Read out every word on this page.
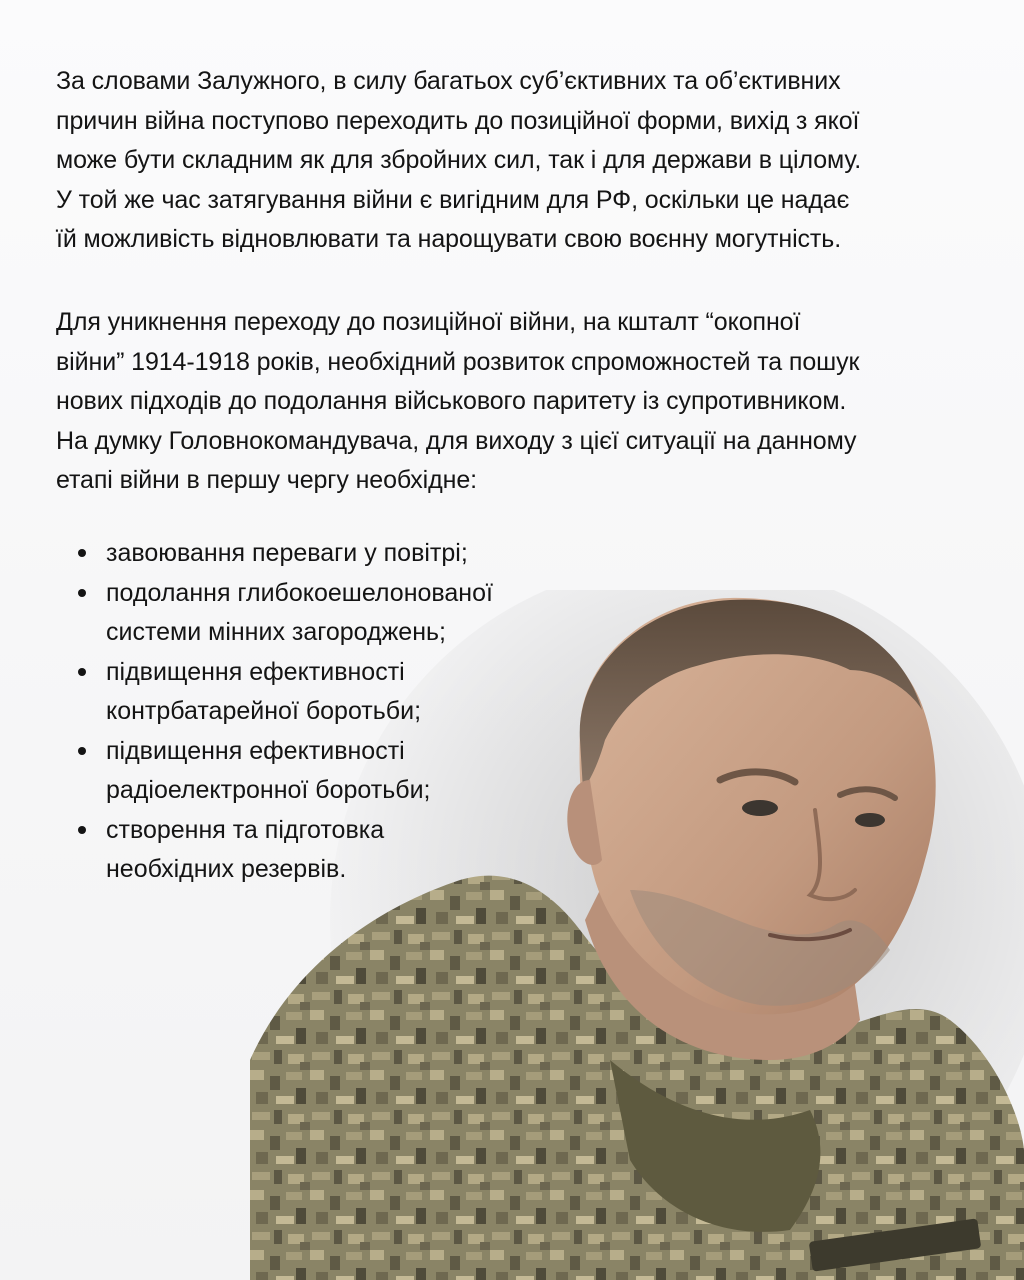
За словами Залужного, в силу багатьох суб’єктивних та об’єктивних
причин війна поступово переходить до позиційної форми, вихід з якої
може бути складним як для збройних сил, так і для держави в цілому.
У той же час затягування війни є вигідним для РФ, оскільки це надає
їй можливість відновлювати та нарощувати свою воєнну могутність.
Для уникнення переходу до позиційної війни, на кшталт “окопної
війни” 1914-1918 років, необхідний розвиток спроможностей та пошук
нових підходів до подолання військового паритету із супротивником.
На думку Головнокомандувача, для виходу з цієї ситуації на данному
етапі війни в першу чергу необхідне:
завоювання переваги у повітрі;
подолання глибокоешелонованої
системи мінних загороджень;
підвищення ефективності
контрбатарейної боротьби;
підвищення ефективності
радіоелектронної боротьби;
створення та підготовка
необхідних резервів.
